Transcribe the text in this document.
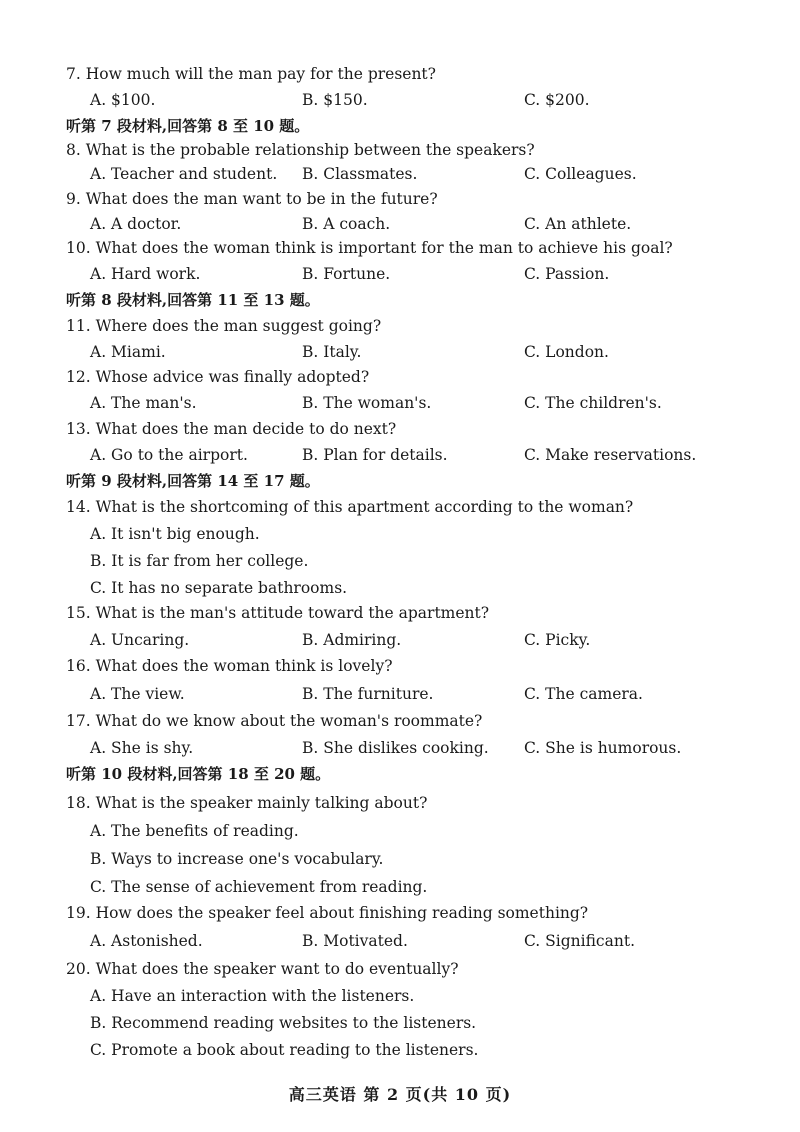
高三英语 第 2 页(共 10 页)
7. How much will the man pay for the present?
A. $100.	B. $150.	C. $200.
听第 7 段材料,回答第 8 至 10 题。
8. What is the probable relationship between the speakers?
A. Teacher and student. B. Classmates.	C. Colleagues.
9. What does the man want to be in the future?
A. A doctor.	B. A coach.	C. An athlete.
10. What does the woman think is important for the man to achieve his goal?
A. Hard work.	B. Fortune.	C. Passion.
听第 8 段材料,回答第 11 至 13 题。
11. Where does the man suggest going?
A. Miami.	B. Italy.	C. London.
12. Whose advice was finally adopted?
A. The man's.	B. The woman's.	C. The children's.
13. What does the man decide to do next?
A. Go to the airport.	B. Plan for details.	C. Make reservations.
听第 9 段材料,回答第 14 至 17 题。
14. What is the shortcoming of this apartment according to the woman?
A. It isn't big enough.
B. It is far from her college.
C. It has no separate bathrooms.
15. What is the man's attitude toward the apartment?
A. Uncaring.	B. Admiring.	C. Picky.
16. What does the woman think is lovely?
A. The view.	B. The furniture.	C. The camera.
17. What do we know about the woman's roommate?
A. She is shy.	B. She dislikes cooking. C. She is humorous.
听第 10 段材料,回答第 18 至 20 题。
18. What is the speaker mainly talking about?
A. The benefits of reading.
B. Ways to increase one's vocabulary.
C. The sense of achievement from reading.
19. How does the speaker feel about finishing reading something?
A. Astonished.	B. Motivated.	C. Significant.
20. What does the speaker want to do eventually?
A. Have an interaction with the listeners.
B. Recommend reading websites to the listeners.
C. Promote a book about reading to the listeners.
